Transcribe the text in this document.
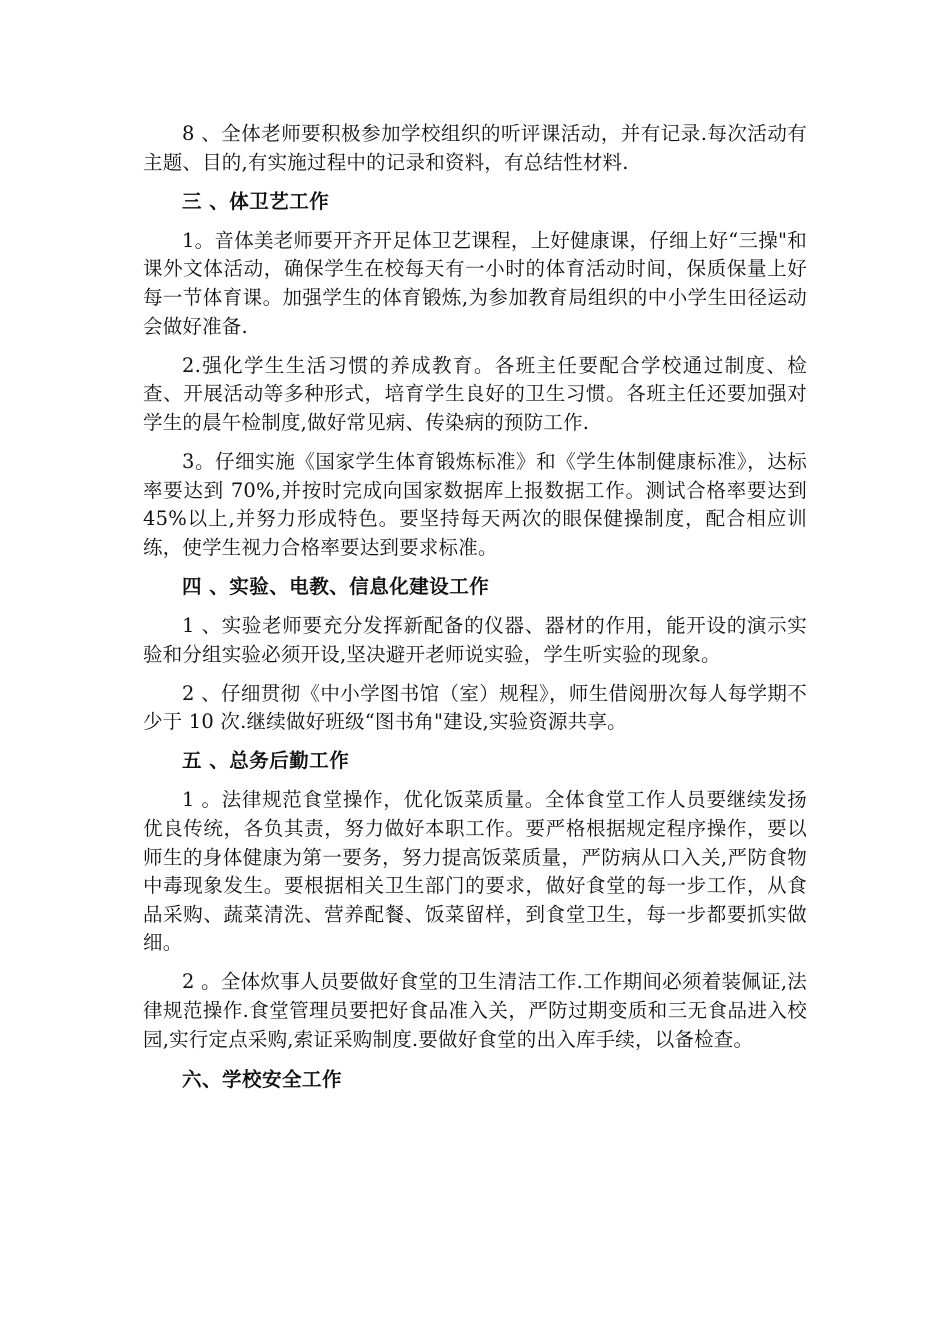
8 、全体老师要积极参加学校组织的听评课活动，并有记录.每次活动有主题、目的,有实施过程中的记录和资料，有总结性材料.

三 、体卫艺工作

1。音体美老师要开齐开足体卫艺课程，上好健康课，仔细上好“三操"和课外文体活动，确保学生在校每天有一小时的体育活动时间，保质保量上好每一节体育课。加强学生的体育锻炼,为参加教育局组织的中小学生田径运动会做好准备.

2.强化学生生活习惯的养成教育。各班主任要配合学校通过制度、检查、开展活动等多种形式，培育学生良好的卫生习惯。各班主任还要加强对学生的晨午检制度,做好常见病、传染病的预防工作.

3。仔细实施《国家学生体育锻炼标准》和《学生体制健康标准》，达标率要达到 70%,并按时完成向国家数据库上报数据工作。测试合格率要达到 45%以上,并努力形成特色。要坚持每天两次的眼保健操制度，配合相应训练，使学生视力合格率要达到要求标准。

四 、实验、电教、信息化建设工作

1 、实验老师要充分发挥新配备的仪器、器材的作用，能开设的演示实验和分组实验必须开设,坚决避开老师说实验，学生听实验的现象。

2 、仔细贯彻《中小学图书馆（室）规程》，师生借阅册次每人每学期不少于 10 次.继续做好班级“图书角"建设,实验资源共享。

五 、总务后勤工作

1 。法律规范食堂操作，优化饭菜质量。全体食堂工作人员要继续发扬优良传统，各负其责，努力做好本职工作。要严格根据规定程序操作，要以师生的身体健康为第一要务，努力提高饭菜质量，严防病从口入关,严防食物中毒现象发生。要根据相关卫生部门的要求，做好食堂的每一步工作，从食品采购、蔬菜清洗、营养配餐、饭菜留样，到食堂卫生，每一步都要抓实做细。

2 。全体炊事人员要做好食堂的卫生清洁工作.工作期间必须着装佩证,法律规范操作.食堂管理员要把好食品准入关，严防过期变质和三无食品进入校园,实行定点采购,索证采购制度.要做好食堂的出入库手续，以备检查。

六、学校安全工作
